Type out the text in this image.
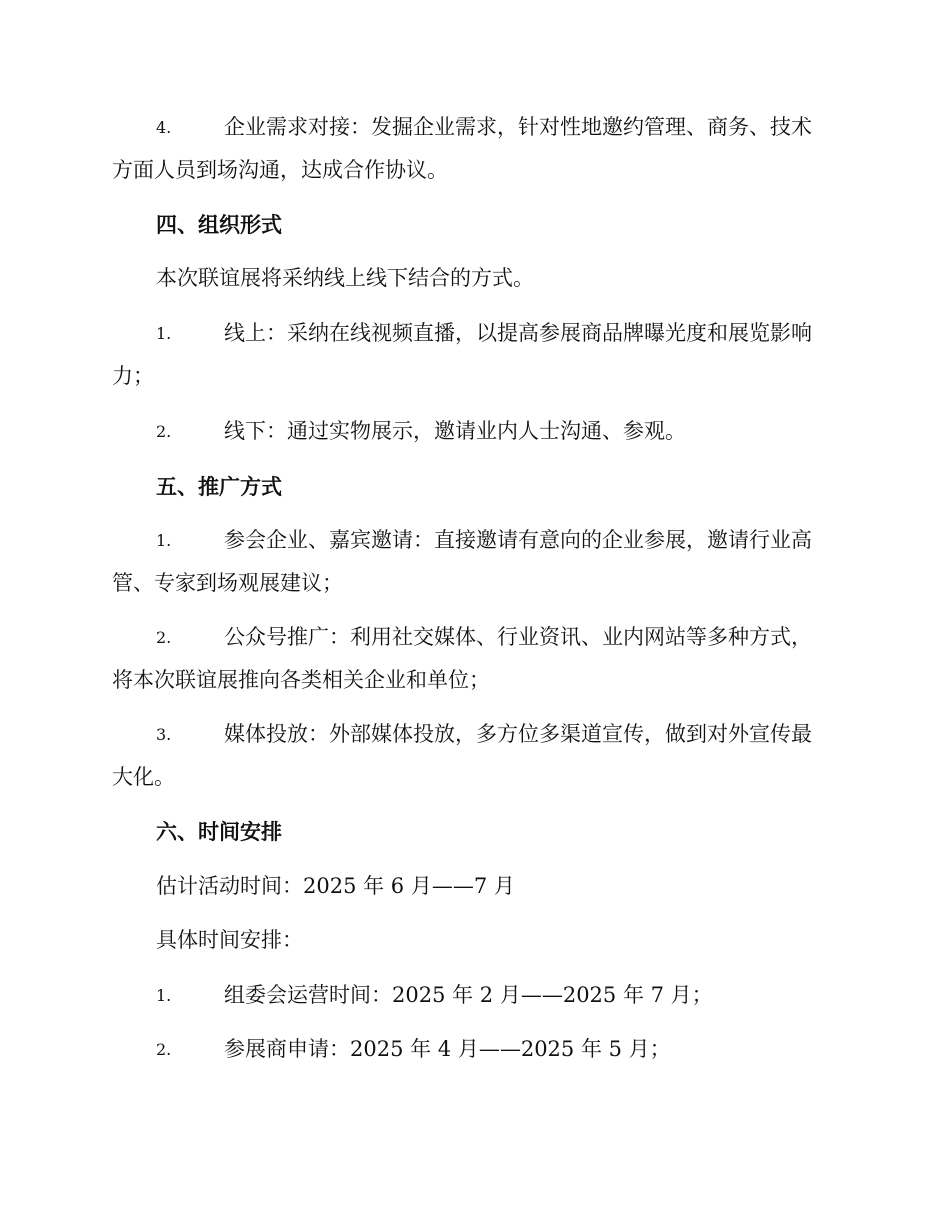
4.	企业需求对接：发掘企业需求，针对性地邀约管理、商务、技术
方面人员到场沟通，达成合作协议。
四、组织形式
本次联谊展将采纳线上线下结合的方式。
1.	线上：采纳在线视频直播，以提高参展商品牌曝光度和展览影响
力；
2.	线下：通过实物展示，邀请业内人士沟通、参观。
五、推广方式
1.	参会企业、嘉宾邀请：直接邀请有意向的企业参展，邀请行业高
管、专家到场观展建议；
2.	公众号推广：利用社交媒体、行业资讯、业内网站等多种方式，
将本次联谊展推向各类相关企业和单位；
3.	媒体投放：外部媒体投放，多方位多渠道宣传，做到对外宣传最
大化。
六、时间安排
估计活动时间：2025 年 6 月——7 月
具体时间安排：
1.	组委会运营时间：2025 年 2 月——2025 年 7 月；
2.	参展商申请：2025 年 4 月——2025 年 5 月；
